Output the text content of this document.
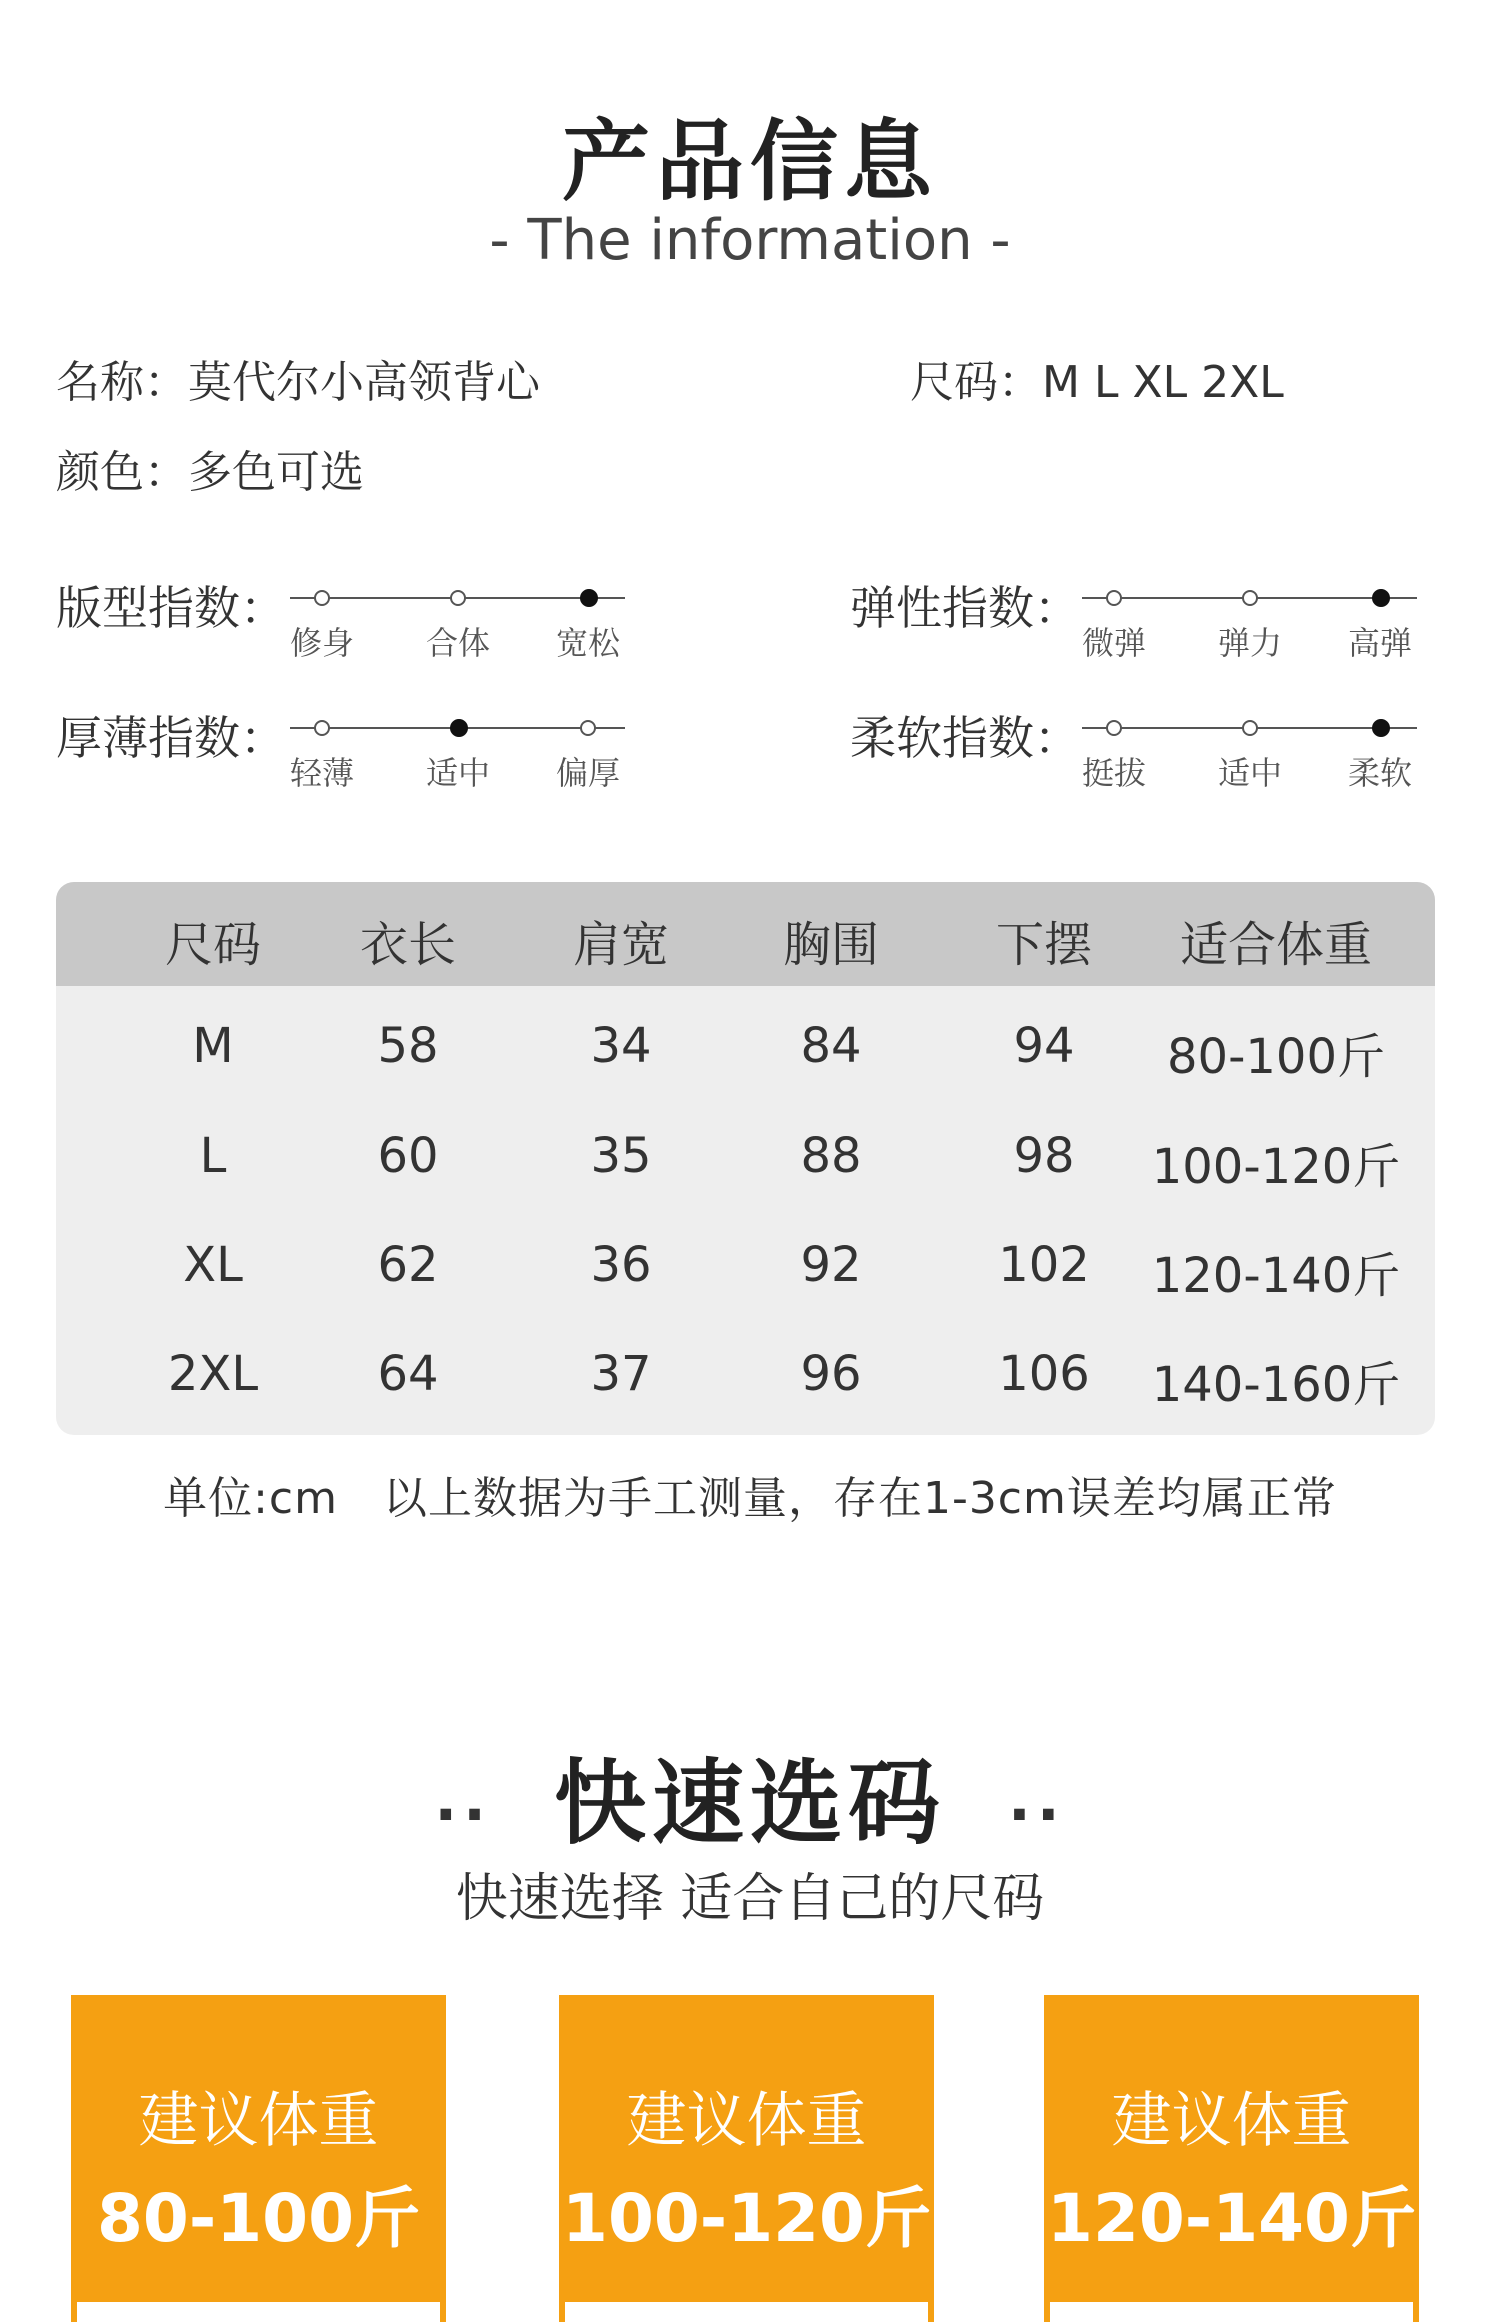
产品信息
- The information -
名称：莫代尔小高领背心	尺码：M L XL 2XL
颜色：多色可选
版型指数：
修身	合体	宽松
弹性指数：
微弹	弹力	高弹
厚薄指数：
轻薄	适中	偏厚
柔软指数：
挺拔	适中	柔软
尺码	衣长	肩宽	胸围	下摆	适合体重
M	58	34	84	94	80-100斤
L	60	35	88	98	100-120斤
XL	62	36	92	102	120-140斤
2XL	64	37	96	106	140-160斤
单位:cm   以上数据为手工测量，存在1-3cm误差均属正常
·· 快速选码 ··
快速选择 适合自己的尺码
建议体重
80-100斤
建议体重
100-120斤
建议体重
120-140斤
